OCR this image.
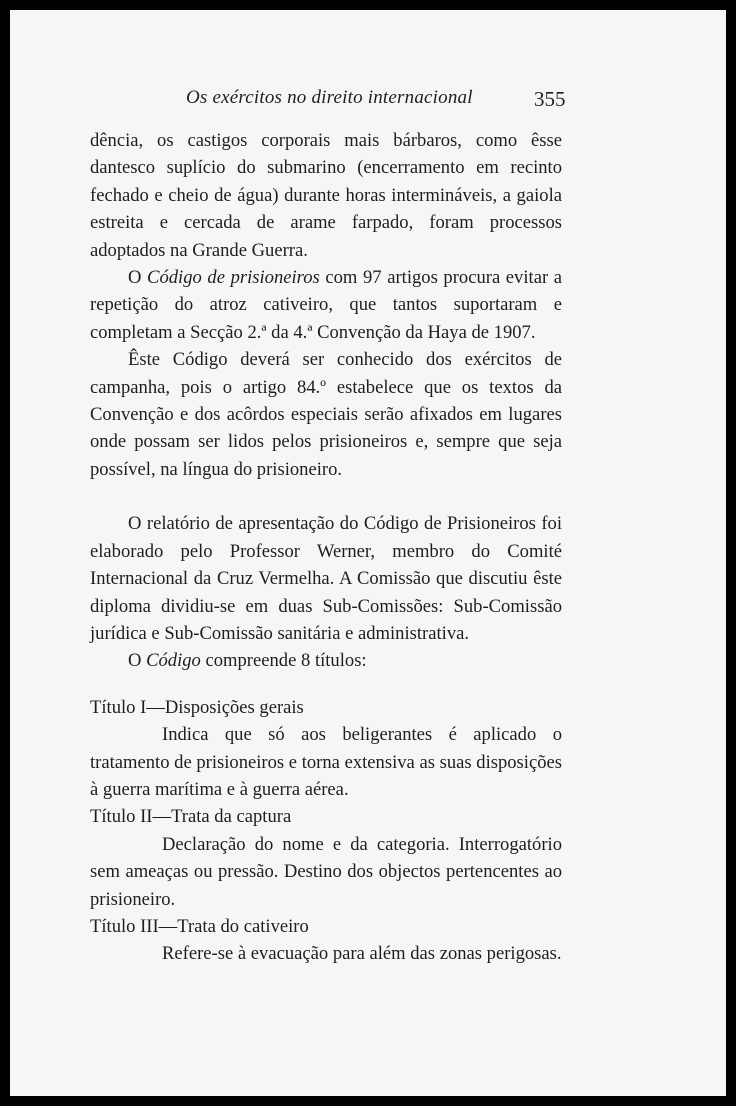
Os exércitos no direito internacional	355

dência, os castigos corporais mais bárbaros, como êsse dantesco suplício do submarino (encerramento em recinto fechado e cheio de água) durante horas intermináveis, a gaiola estreita e cercada de arame farpado, foram processos adoptados na Grande Guerra.

O Código de prisioneiros com 97 artigos procura evitar a repetição do atroz cativeiro, que tantos suportaram e completam a Secção 2.ª da 4.ª Convenção da Haya de 1907.

Êste Código deverá ser conhecido dos exércitos de campanha, pois o artigo 84.º estabelece que os textos da Convenção e dos acôrdos especiais serão afixados em lugares onde possam ser lidos pelos prisioneiros e, sempre que seja possível, na língua do prisioneiro.

O relatório de apresentação do Código de Prisioneiros foi elaborado pelo Professor Werner, membro do Comité Internacional da Cruz Vermelha. A Comissão que discutiu êste diploma dividiu-se em duas Sub-Comissões: Sub-Comissão jurídica e Sub-Comissão sanitária e administrativa.

O Código compreende 8 títulos:

Título I—Disposições gerais

Indica que só aos beligerantes é aplicado o tratamento de prisioneiros e torna extensiva as suas disposições à guerra marítima e à guerra aérea.

Título II—Trata da captura

Declaração do nome e da categoria. Interrogatório sem ameaças ou pressão. Destino dos objectos pertencentes ao prisioneiro.

Título III—Trata do cativeiro

Refere-se à evacuação para além das zonas perigosas.
